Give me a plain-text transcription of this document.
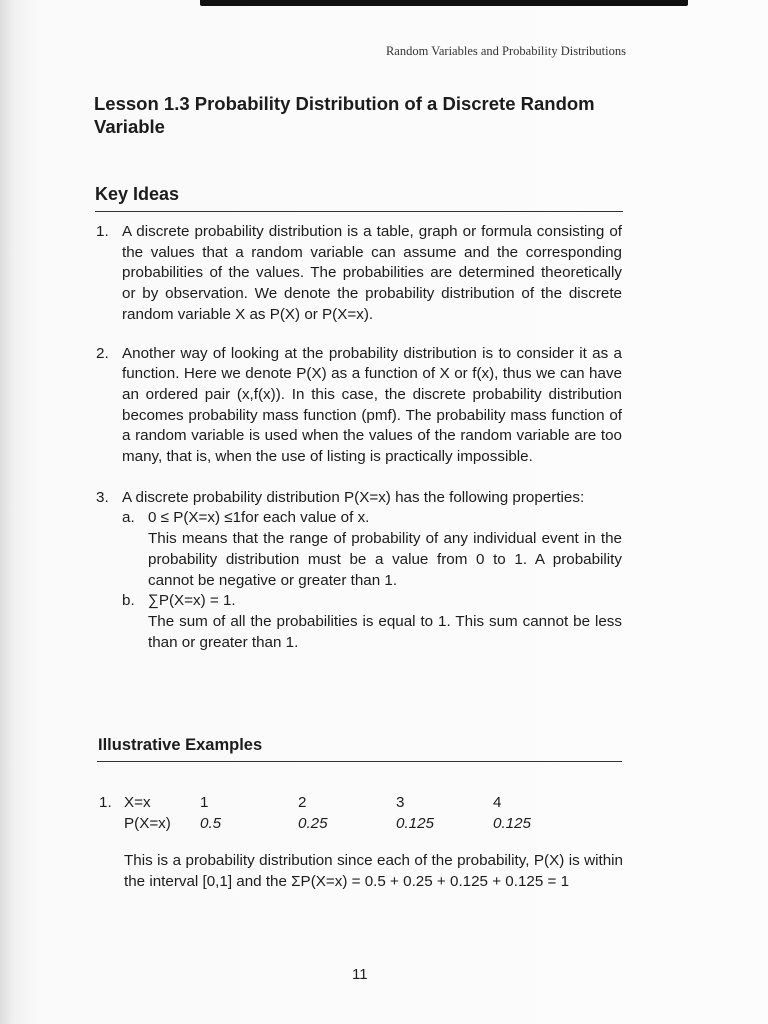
Random Variables and Probability Distributions
Lesson 1.3 Probability Distribution of a Discrete Random Variable
Key Ideas
1. A discrete probability distribution is a table, graph or formula consisting of the values that a random variable can assume and the corresponding probabilities of the values. The probabilities are determined theoretically or by observation. We denote the probability distribution of the discrete random variable X as P(X) or P(X=x).
2. Another way of looking at the probability distribution is to consider it as a function. Here we denote P(X) as a function of X or f(x), thus we can have an ordered pair (x,f(x)). In this case, the discrete probability distribution becomes probability mass function (pmf). The probability mass function of a random variable is used when the values of the random variable are too many, that is, when the use of listing is practically impossible.
3. A discrete probability distribution P(X=x) has the following properties:
a. 0 ≤ P(X=x) ≤1for each value of x.
This means that the range of probability of any individual event in the probability distribution must be a value from 0 to 1. A probability cannot be negative or greater than 1.
b. ∑P(X=x) = 1.
The sum of all the probabilities is equal to 1. This sum cannot be less than or greater than 1.
Illustrative Examples
1. X=x	1	2	3	4
P(X=x) 0.5	0.25	0.125	0.125

This is a probability distribution since each of the probability, P(X) is within the interval [0,1] and the ΣP(X=x) = 0.5 + 0.25 + 0.125 + 0.125 = 1

11
